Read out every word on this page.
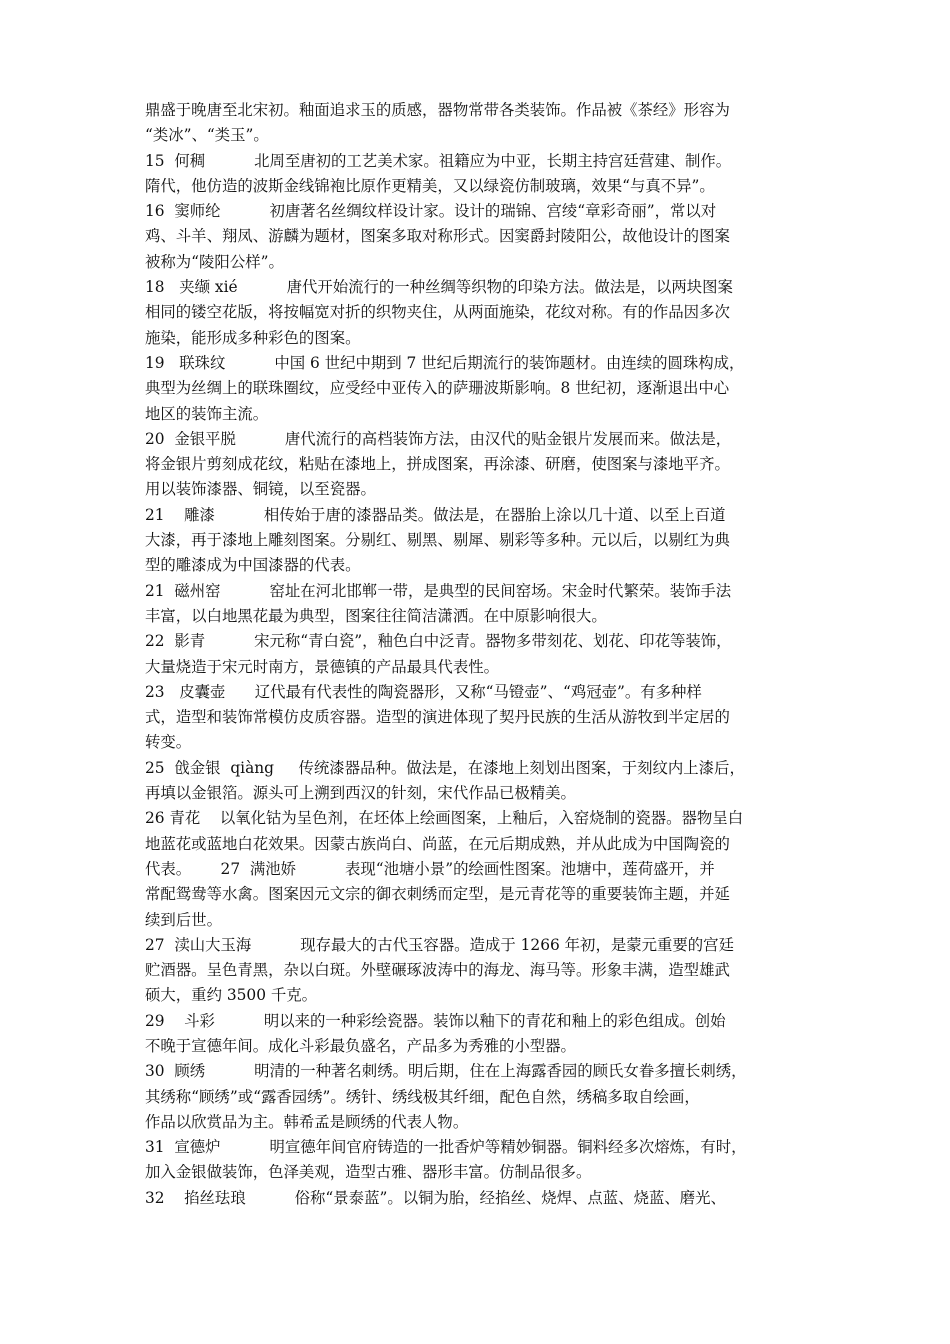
鼎盛于晚唐至北宋初。釉面追求玉的质感，器物常带各类装饰。作品被《茶经》形容为
“类冰”、“类玉”。
15  何稠          北周至唐初的工艺美术家。祖籍应为中亚，长期主持宫廷营建、制作。
隋代，他仿造的波斯金线锦袍比原作更精美，又以绿瓷仿制玻璃，效果“与真不异”。
16  窦师纶          初唐著名丝绸纹样设计家。设计的瑞锦、宫绫“章彩奇丽”，常以对
鸡、斗羊、翔凤、游麟为题材，图案多取对称形式。因窦爵封陵阳公，故他设计的图案
被称为“陵阳公样”。
18   夹缬 xié          唐代开始流行的一种丝绸等织物的印染方法。做法是，以两块图案
相同的镂空花版，将按幅宽对折的织物夹住，从两面施染，花纹对称。有的作品因多次
施染，能形成多种彩色的图案。
19   联珠纹          中国 6 世纪中期到 7 世纪后期流行的装饰题材。由连续的圆珠构成，
典型为丝绸上的联珠圈纹，应受经中亚传入的萨珊波斯影响。8 世纪初，逐渐退出中心
地区的装饰主流。
20  金银平脱          唐代流行的高档装饰方法，由汉代的贴金银片发展而来。做法是，
将金银片剪刻成花纹，粘贴在漆地上，拼成图案，再涂漆、研磨，使图案与漆地平齐。
用以装饰漆器、铜镜，以至瓷器。
21    雕漆          相传始于唐的漆器品类。做法是，在器胎上涂以几十道、以至上百道
大漆，再于漆地上雕刻图案。分剔红、剔黑、剔犀、剔彩等多种。元以后，以剔红为典
型的雕漆成为中国漆器的代表。
21  磁州窑          窑址在河北邯郸一带，是典型的民间窑场。宋金时代繁荣。装饰手法
丰富，以白地黑花最为典型，图案往往简洁潇洒。在中原影响很大。
22  影青          宋元称“青白瓷”，釉色白中泛青。器物多带刻花、划花、印花等装饰，
大量烧造于宋元时南方，景德镇的产品最具代表性。
23   皮囊壶      辽代最有代表性的陶瓷器形，又称“马镫壶”、“鸡冠壶”。有多种样
式，造型和装饰常模仿皮质容器。造型的演进体现了契丹民族的生活从游牧到半定居的
转变。
25  戗金银  qiàng     传统漆器品种。做法是，在漆地上刻划出图案，于刻纹内上漆后，
再填以金银箔。源头可上溯到西汉的针刻，宋代作品已极精美。
26 青花    以氧化钴为呈色剂，在坯体上绘画图案，上釉后，入窑烧制的瓷器。器物呈白
地蓝花或蓝地白花效果。因蒙古族尚白、尚蓝，在元后期成熟，并从此成为中国陶瓷的
代表。      27  满池娇          表现“池塘小景”的绘画性图案。池塘中，莲荷盛开，并
常配鸳鸯等水禽。图案因元文宗的御衣刺绣而定型，是元青花等的重要装饰主题，并延
续到后世。
27  渎山大玉海          现存最大的古代玉容器。造成于 1266 年初，是蒙元重要的宫廷
贮酒器。呈色青黑，杂以白斑。外壁碾琢波涛中的海龙、海马等。形象丰满，造型雄武
硕大，重约 3500 千克。
29    斗彩          明以来的一种彩绘瓷器。装饰以釉下的青花和釉上的彩色组成。创始
不晚于宣德年间。成化斗彩最负盛名，产品多为秀雅的小型器。
30  顾绣          明清的一种著名刺绣。明后期，住在上海露香园的顾氏女眷多擅长刺绣，
其绣称“顾绣”或“露香园绣”。绣针、绣线极其纤细，配色自然，绣稿多取自绘画，
作品以欣赏品为主。韩希孟是顾绣的代表人物。
31  宣德炉          明宣德年间官府铸造的一批香炉等精妙铜器。铜料经多次熔炼，有时，
加入金银做装饰，色泽美观，造型古雅、器形丰富。仿制品很多。
32    掐丝珐琅          俗称“景泰蓝”。以铜为胎，经掐丝、烧焊、点蓝、烧蓝、磨光、
